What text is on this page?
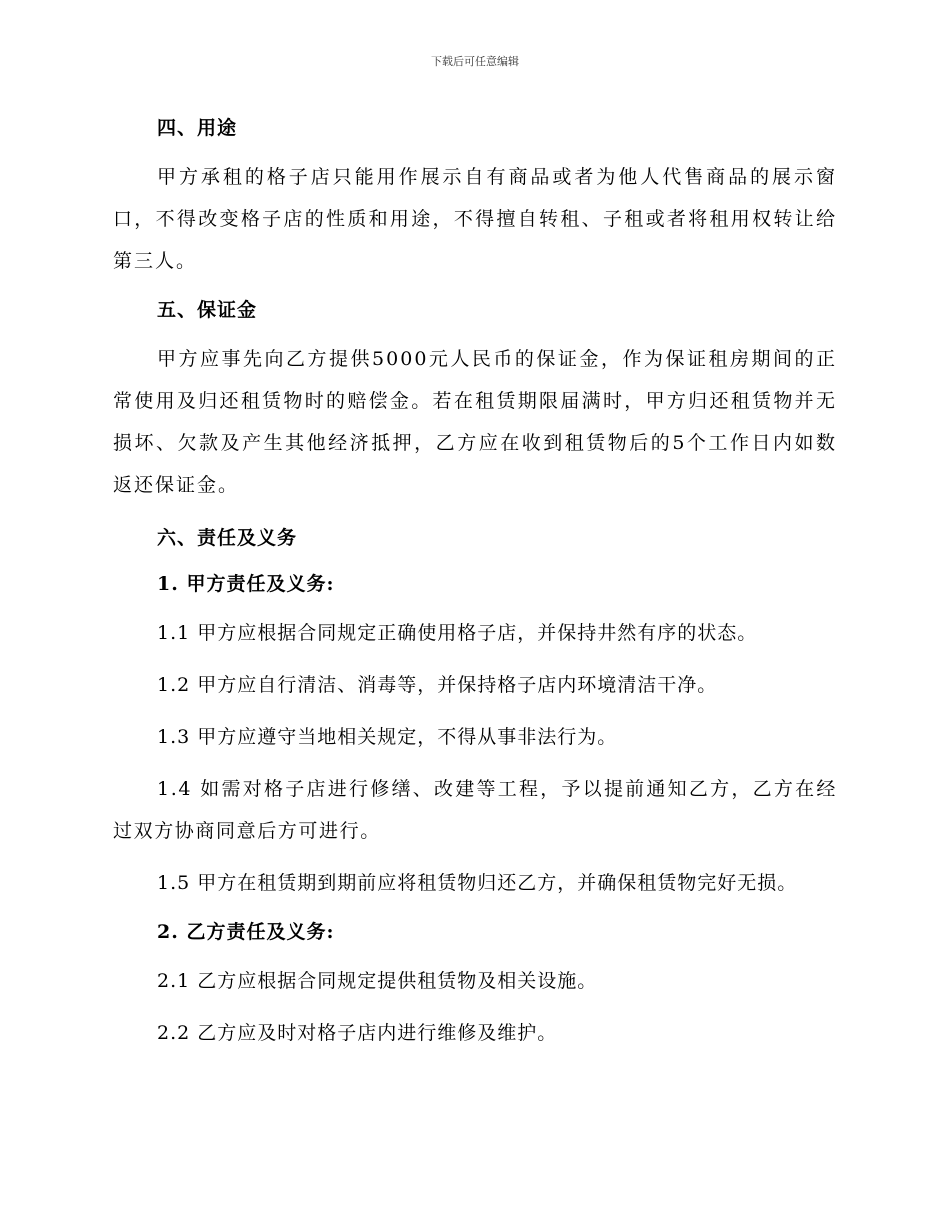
下载后可任意编辑
四、用途

甲方承租的格子店只能用作展示自有商品或者为他人代售商品的展示窗口，不得改变格子店的性质和用途，不得擅自转租、子租或者将租用权转让给第三人。

五、保证金

甲方应事先向乙方提供5000元人民币的保证金，作为保证租房期间的正常使用及归还租赁物时的赔偿金。若在租赁期限届满时，甲方归还租赁物并无损坏、欠款及产生其他经济抵押，乙方应在收到租赁物后的5个工作日内如数返还保证金。

六、责任及义务
1. 甲方责任及义务:

1.1 甲方应根据合同规定正确使用格子店，并保持井然有序的状态。

1.2 甲方应自行清洁、消毒等，并保持格子店内环境清洁干净。

1.3 甲方应遵守当地相关规定，不得从事非法行为。

1.4 如需对格子店进行修缮、改建等工程，予以提前通知乙方，乙方在经过双方协商同意后方可进行。

1.5 甲方在租赁期到期前应将租赁物归还乙方，并确保租赁物完好无损。

2. 乙方责任及义务:

2.1 乙方应根据合同规定提供租赁物及相关设施。

2.2 乙方应及时对格子店内进行维修及维护。
